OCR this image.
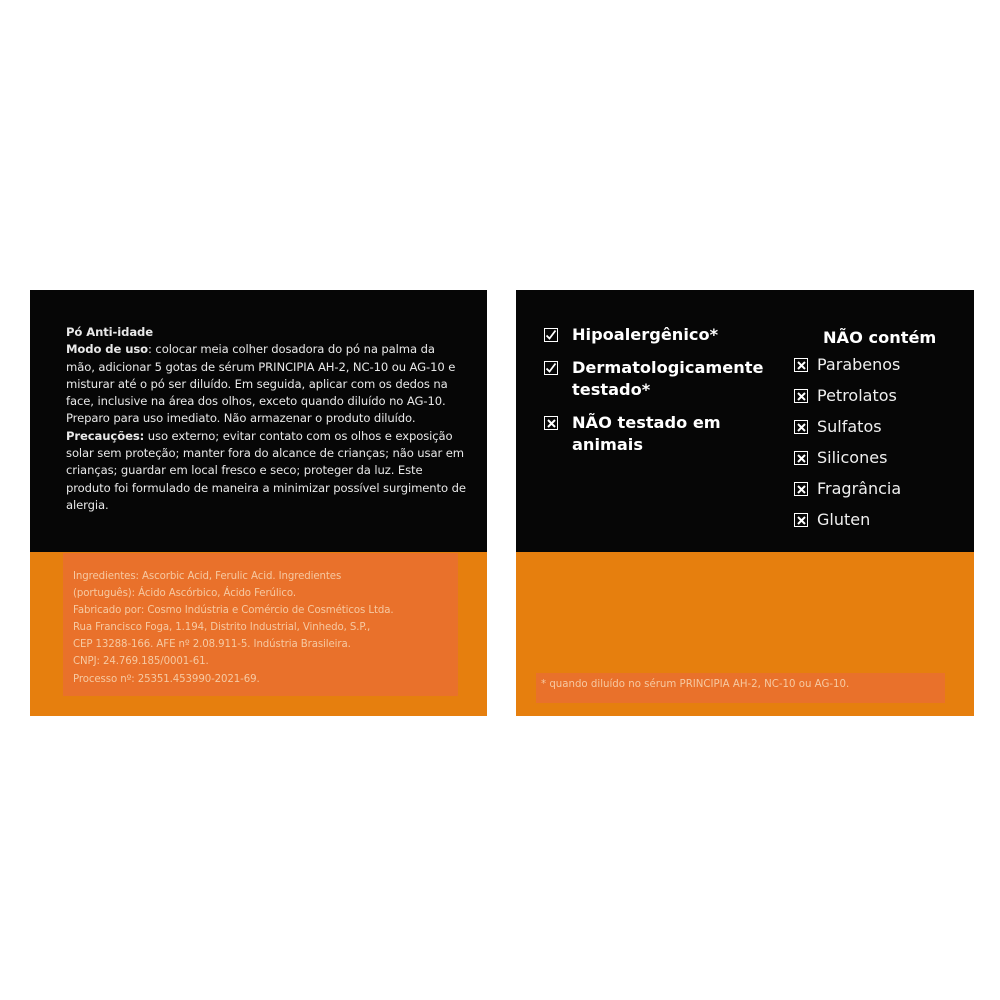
Pó Anti-idade
Modo de uso: colocar meia colher dosadora do pó na palma da mão, adicionar 5 gotas de sérum PRINCIPIA AH-2, NC-10 ou AG-10 e misturar até o pó ser diluído. Em seguida, aplicar com os dedos na face, inclusive na área dos olhos, exceto quando diluído no AG-10. Preparo para uso imediato. Não armazenar o produto diluído. Precauções: uso externo; evitar contato com os olhos e exposição solar sem proteção; manter fora do alcance de crianças; não usar em crianças; guardar em local fresco e seco; proteger da luz. Este produto foi formulado de maneira a minimizar possível surgimento de alergia.

Ingredientes: Ascorbic Acid, Ferulic Acid. Ingredientes

(português): Ácido Ascórbico, Ácido Ferúlico.

Fabricado por: Cosmo Indústria e Comércio de Cosméticos Ltda.

Rua Francisco Foga, 1.194, Distrito Industrial, Vinhedo, S.P.,

CEP 13288-166. AFE nº 2.08.911-5. Indústria Brasileira.

CNPJ: 24.769.185/0001-61.

Processo nº: 25351.453990-2021-69.

Hipoalergênico*
Dermatologicamente
testado*
NÃO testado em
animais
NÃO contém
Parabenos
Petrolatos
Sulfatos
Silicones
Fragrância
Gluten
* quando diluído no sérum PRINCIPIA AH-2, NC-10 ou AG-10.
